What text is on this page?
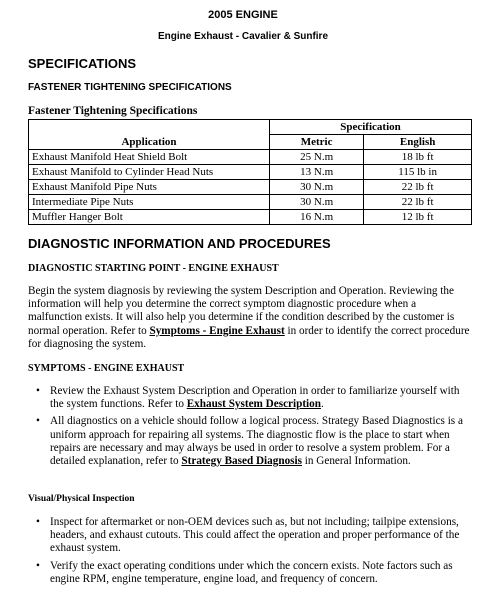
2005 ENGINE
Engine Exhaust - Cavalier & Sunfire
SPECIFICATIONS
FASTENER TIGHTENING SPECIFICATIONS
Fastener Tightening Specifications
Application	Specification	
	Metric	English
Exhaust Manifold Heat Shield Bolt	25 N.m	18 lb ft
Exhaust Manifold to Cylinder Head Nuts	13 N.m	115 lb in
Exhaust Manifold Pipe Nuts	30 N.m	22 lb ft
Intermediate Pipe Nuts	30 N.m	22 lb ft
Muffler Hanger Bolt	16 N.m	12 lb ft
DIAGNOSTIC INFORMATION AND PROCEDURES
DIAGNOSTIC STARTING POINT - ENGINE EXHAUST
Begin the system diagnosis by reviewing the system Description and Operation. Reviewing the information will help you determine the correct symptom diagnostic procedure when a malfunction exists. It will also help you determine if the condition described by the customer is normal operation. Refer to Symptoms - Engine Exhaust in order to identify the correct procedure for diagnosing the system.
SYMPTOMS - ENGINE EXHAUST
• Review the Exhaust System Description and Operation in order to familiarize yourself with the system functions. Refer to Exhaust System Description.
• All diagnostics on a vehicle should follow a logical process. Strategy Based Diagnostics is a uniform approach for repairing all systems. The diagnostic flow is the place to start when repairs are necessary and may always be used in order to resolve a system problem. For a detailed explanation, refer to Strategy Based Diagnosis in General Information.
Visual/Physical Inspection
• Inspect for aftermarket or non-OEM devices such as, but not including; tailpipe extensions, headers, and exhaust cutouts. This could affect the operation and proper performance of the exhaust system.
• Verify the exact operating conditions under which the concern exists. Note factors such as engine RPM, engine temperature, engine load, and frequency of concern.
